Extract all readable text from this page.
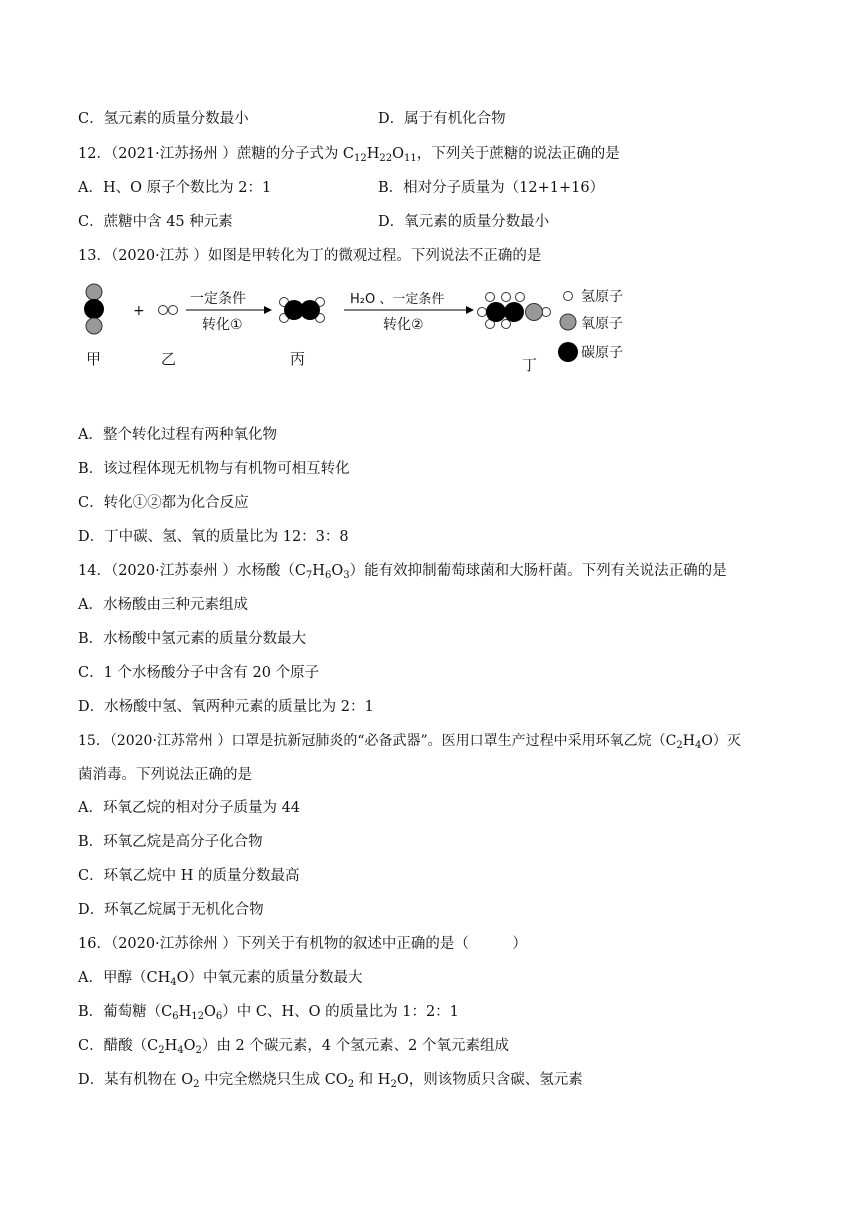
C．氢元素的质量分数最小	D．属于有机化合物
12．（2021·江苏扬州 ）蔗糖的分子式为 $C_{12}H_{22}O_{11}$，下列关于蔗糖的说法正确的是
A．H、O 原子个数比为 2：1	B．相对分子质量为（12+1+16）
C．蔗糖中含 45 种元素	D．氧元素的质量分数最小
13．（2020·江苏 ）如图是甲转化为丁的微观过程。下列说法不正确的是
甲
+
乙
一定条件
转化①
丙
H₂O 、一定条件
转化②
丁
氢原子
氧原子
碳原子
A．整个转化过程有两种氧化物
B．该过程体现无机物与有机物可相互转化
C．转化①②都为化合反应
D．丁中碳、氢、氧的质量比为 12：3：8
14．（2020·江苏泰州 ）水杨酸$(C_7H_6O_3)$能有效抑制葡萄球菌和大肠杆菌。下列有关说法正确的是
A．水杨酸由三种元素组成
B．水杨酸中氢元素的质量分数最大
C．1 个水杨酸分子中含有 20 个原子
D．水杨酸中氢、氧两种元素的质量比为 2：1
15．（2020·江苏常州 ）口罩是抗新冠肺炎的“必备武器”。医用口罩生产过程中采用环氧乙烷$(C_2H_4O)$灭
菌消毒。下列说法正确的是
A．环氧乙烷的相对分子质量为 44
B．环氧乙烷是高分子化合物
C．环氧乙烷中 H 的质量分数最高
D．环氧乙烷属于无机化合物
16．（2020·江苏徐州 ）下列关于有机物的叙述中正确的是（　　　）
A．甲醇$(CH_4O)$中氧元素的质量分数最大
B．葡萄糖$(C_6H_{12}O_6)$中 C、H、O 的质量比为 1：2：1
C．醋酸$(C_2H_4O_2)$由 2 个碳元素，4 个氢元素、2 个氧元素组成
D．某有机物在 $O_2$ 中完全燃烧只生成 $CO_2$ 和 $H_2O$，则该物质只含碳、氢元素
